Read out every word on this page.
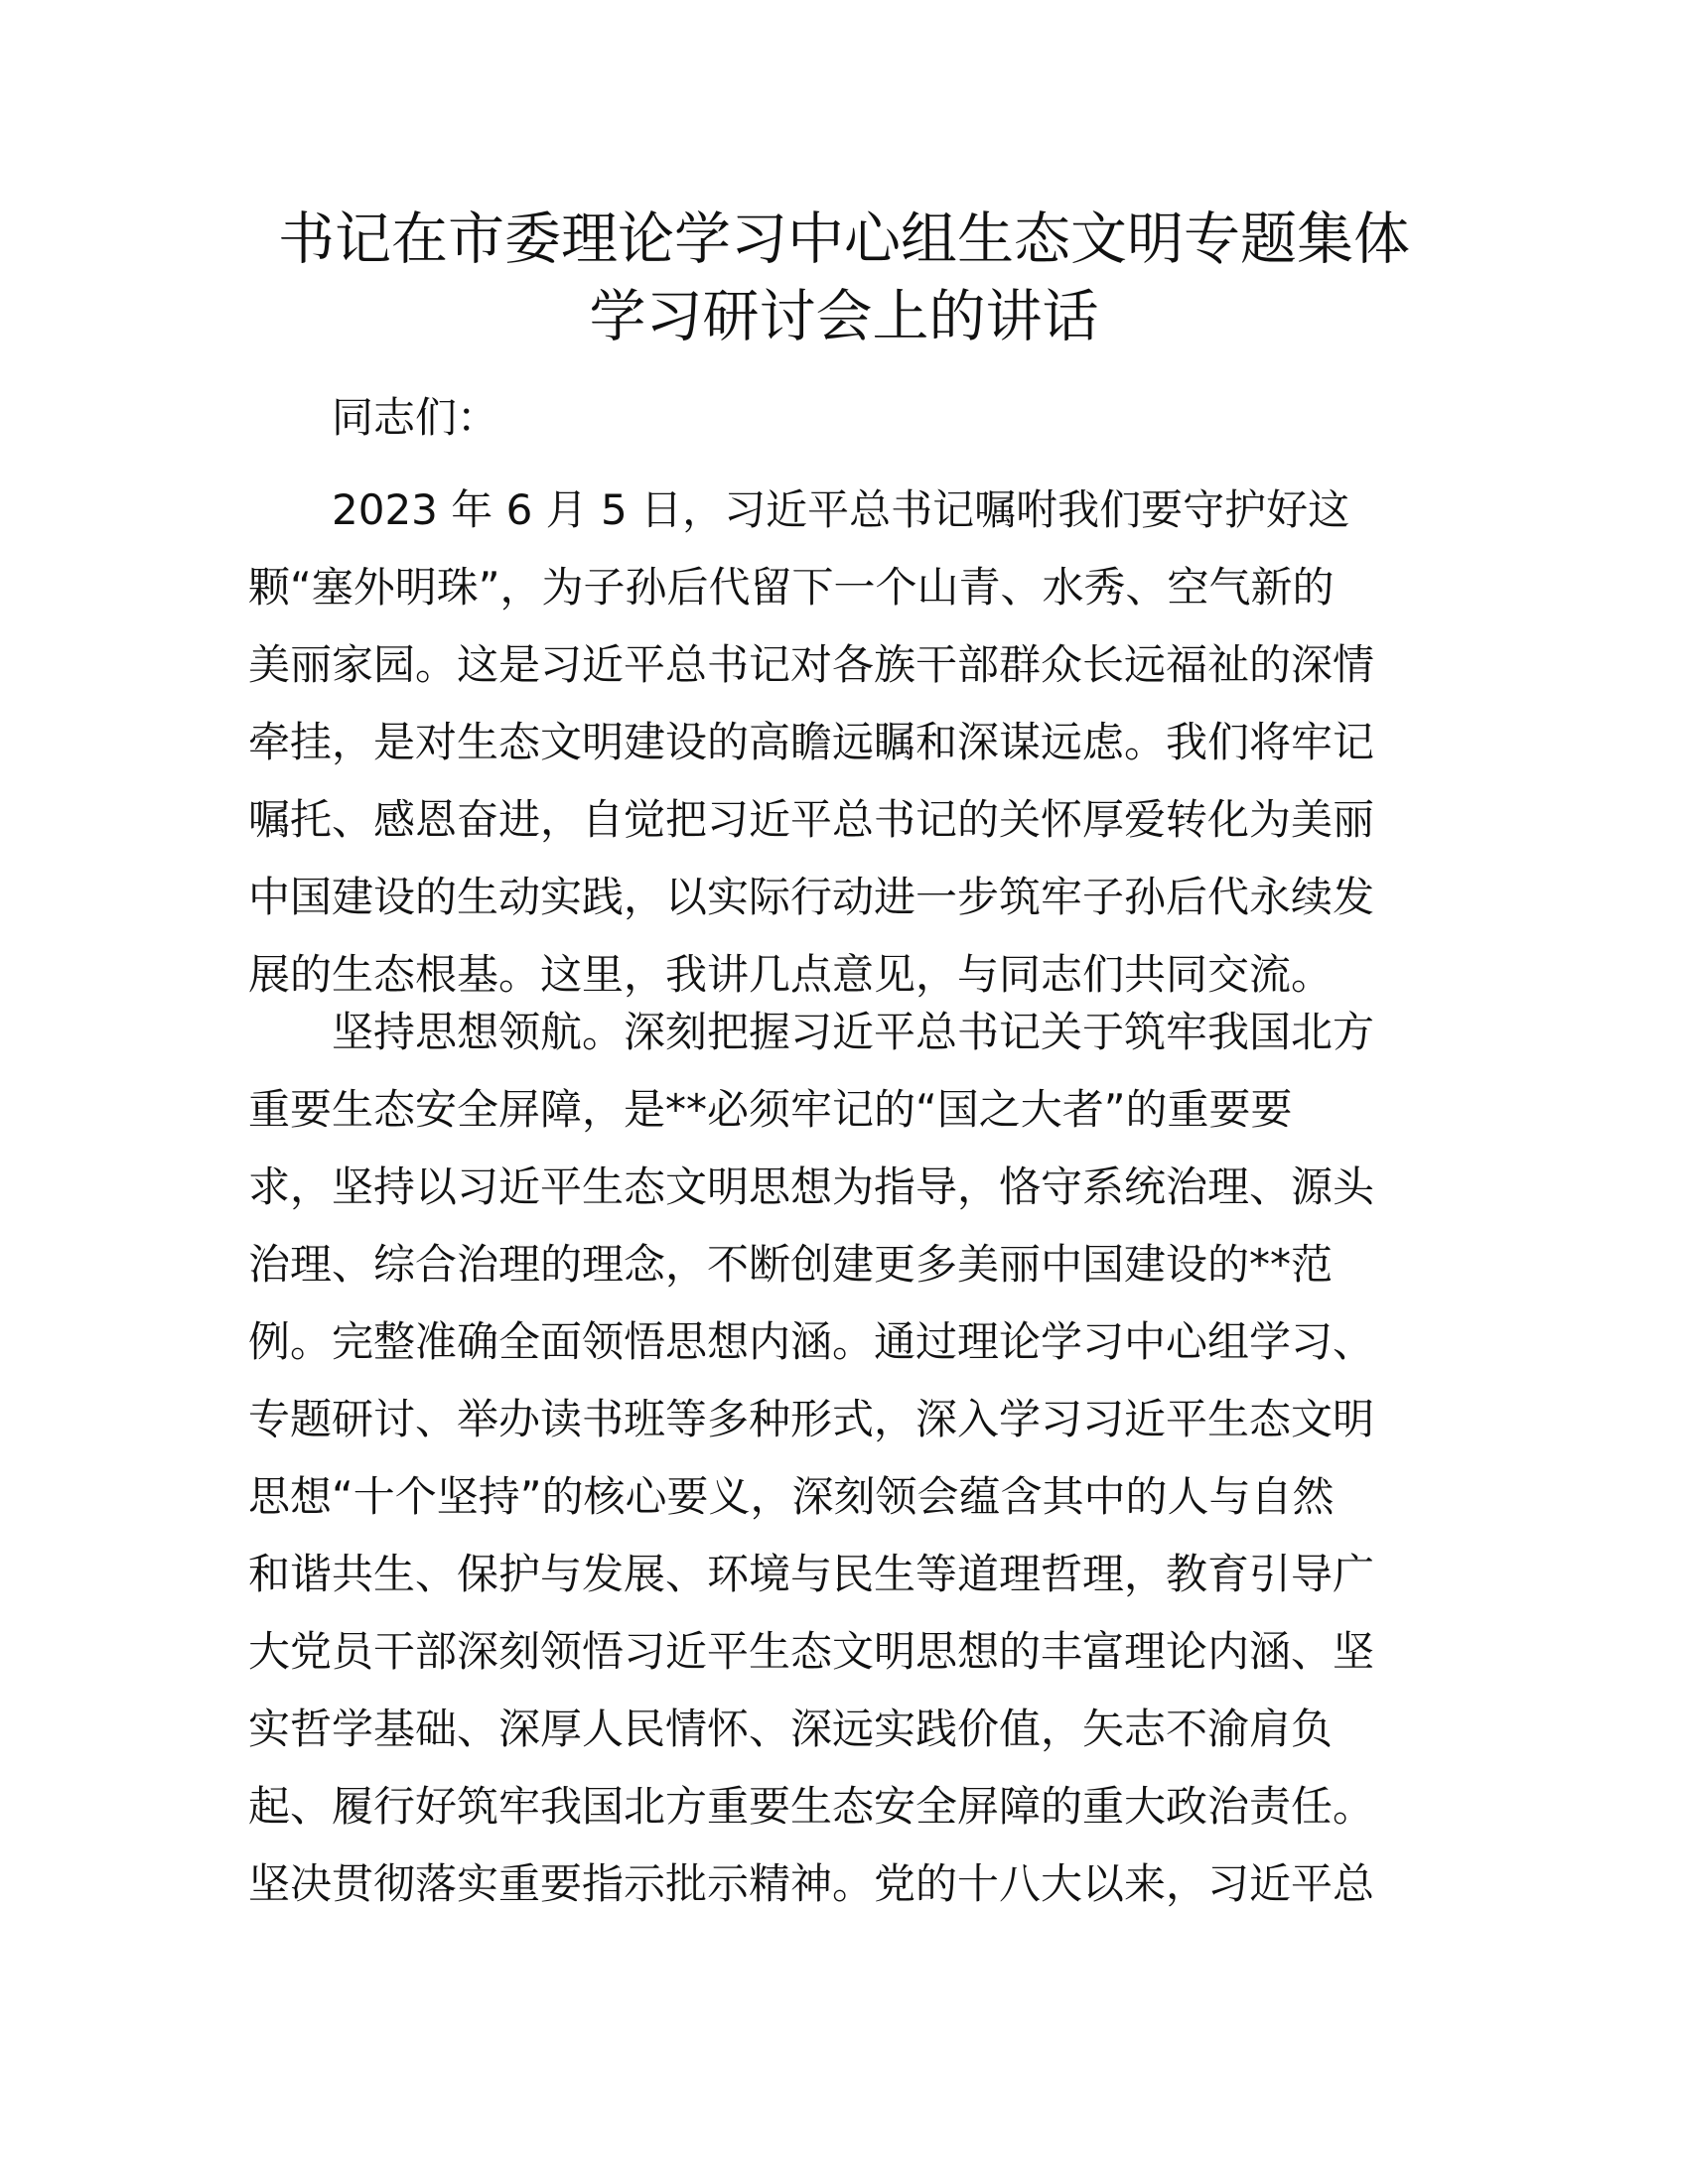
书记在市委理论学习中心组生态文明专题集体
学习研讨会上的讲话

同志们：

2023 年 6 月 5 日，习近平总书记嘱咐我们要守护好这
颗“塞外明珠”，为子孙后代留下一个山青、水秀、空气新的
美丽家园。这是习近平总书记对各族干部群众长远福祉的深情
牵挂，是对生态文明建设的高瞻远瞩和深谋远虑。我们将牢记
嘱托、感恩奋进，自觉把习近平总书记的关怀厚爱转化为美丽
中国建设的生动实践，以实际行动进一步筑牢子孙后代永续发
展的生态根基。这里，我讲几点意见，与同志们共同交流。

坚持思想领航。深刻把握习近平总书记关于筑牢我国北方
重要生态安全屏障，是**必须牢记的“国之大者”的重要要
求，坚持以习近平生态文明思想为指导，恪守系统治理、源头
治理、综合治理的理念，不断创建更多美丽中国建设的**范
例。完整准确全面领悟思想内涵。通过理论学习中心组学习、
专题研讨、举办读书班等多种形式，深入学习习近平生态文明
思想“十个坚持”的核心要义，深刻领会蕴含其中的人与自然
和谐共生、保护与发展、环境与民生等道理哲理，教育引导广
大党员干部深刻领悟习近平生态文明思想的丰富理论内涵、坚
实哲学基础、深厚人民情怀、深远实践价值，矢志不渝肩负
起、履行好筑牢我国北方重要生态安全屏障的重大政治责任。
坚决贯彻落实重要指示批示精神。党的十八大以来，习近平总
